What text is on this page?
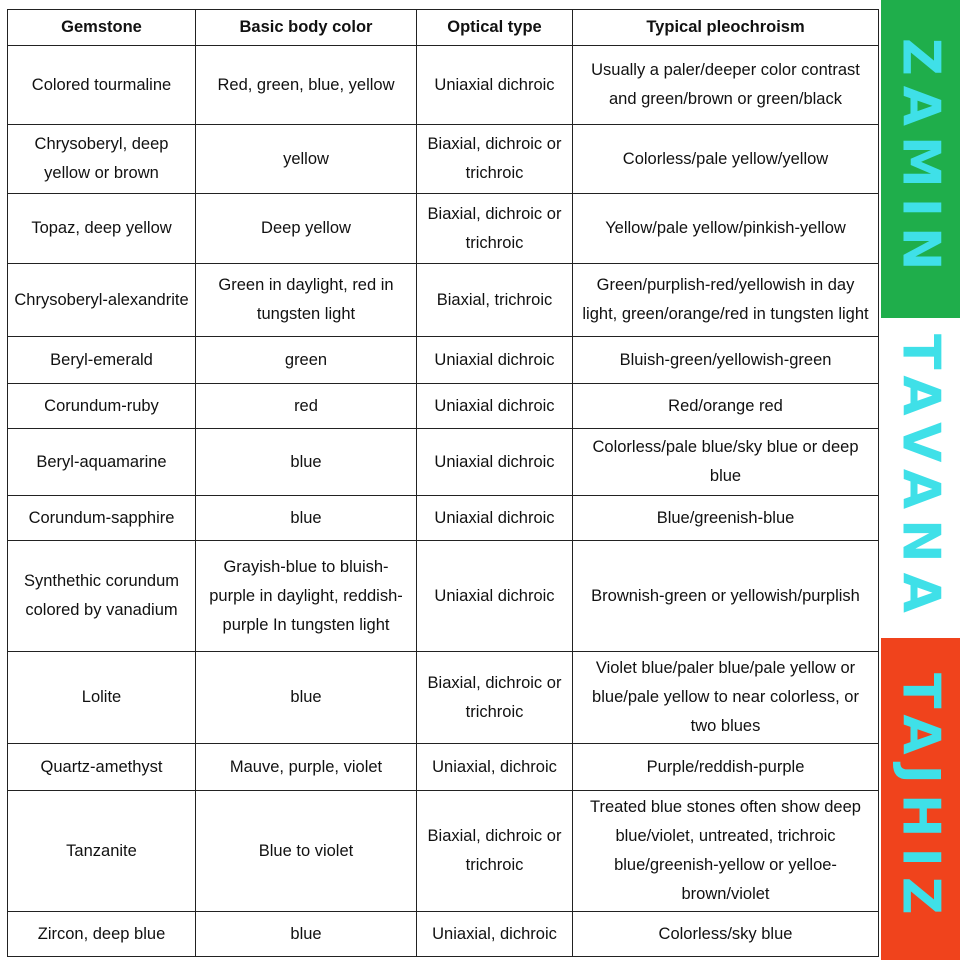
Gemstone	Basic body color	Optical type	Typical pleochroism
Colored tourmaline	Red, green, blue, yellow	Uniaxial dichroic	Usually a paler/deeper color contrast and green/brown or green/black
Chrysoberyl, deep yellow or brown	yellow	Biaxial, dichroic or trichroic	Colorless/pale yellow/yellow
Topaz, deep yellow	Deep yellow	Biaxial, dichroic or trichroic	Yellow/pale yellow/pinkish-yellow
Chrysoberyl-alexandrite	Green in daylight, red in tungsten light	Biaxial, trichroic	Green/purplish-red/yellowish in day light, green/orange/red in tungsten light
Beryl-emerald	green	Uniaxial dichroic	Bluish-green/yellowish-green
Corundum-ruby	red	Uniaxial dichroic	Red/orange red
Beryl-aquamarine	blue	Uniaxial dichroic	Colorless/pale blue/sky blue or deep blue
Corundum-sapphire	blue	Uniaxial dichroic	Blue/greenish-blue
Synthethic corundum colored by vanadium	Grayish-blue to bluish-purple in daylight, reddish-purple In tungsten light	Uniaxial dichroic	Brownish-green or yellowish/purplish
Lolite	blue	Biaxial, dichroic or trichroic	Violet blue/paler blue/pale yellow or blue/pale yellow to near colorless, or two blues
Quartz-amethyst	Mauve, purple, violet	Uniaxial, dichroic	Purple/reddish-purple
Tanzanite	Blue to violet	Biaxial, dichroic or trichroic	Treated blue stones often show deep blue/violet, untreated, trichroic blue/greenish-yellow or yelloe-brown/violet
Zircon, deep blue	blue	Uniaxial, dichroic	Colorless/sky blue
ZAMIN
TAVANA
TAJHIZ
